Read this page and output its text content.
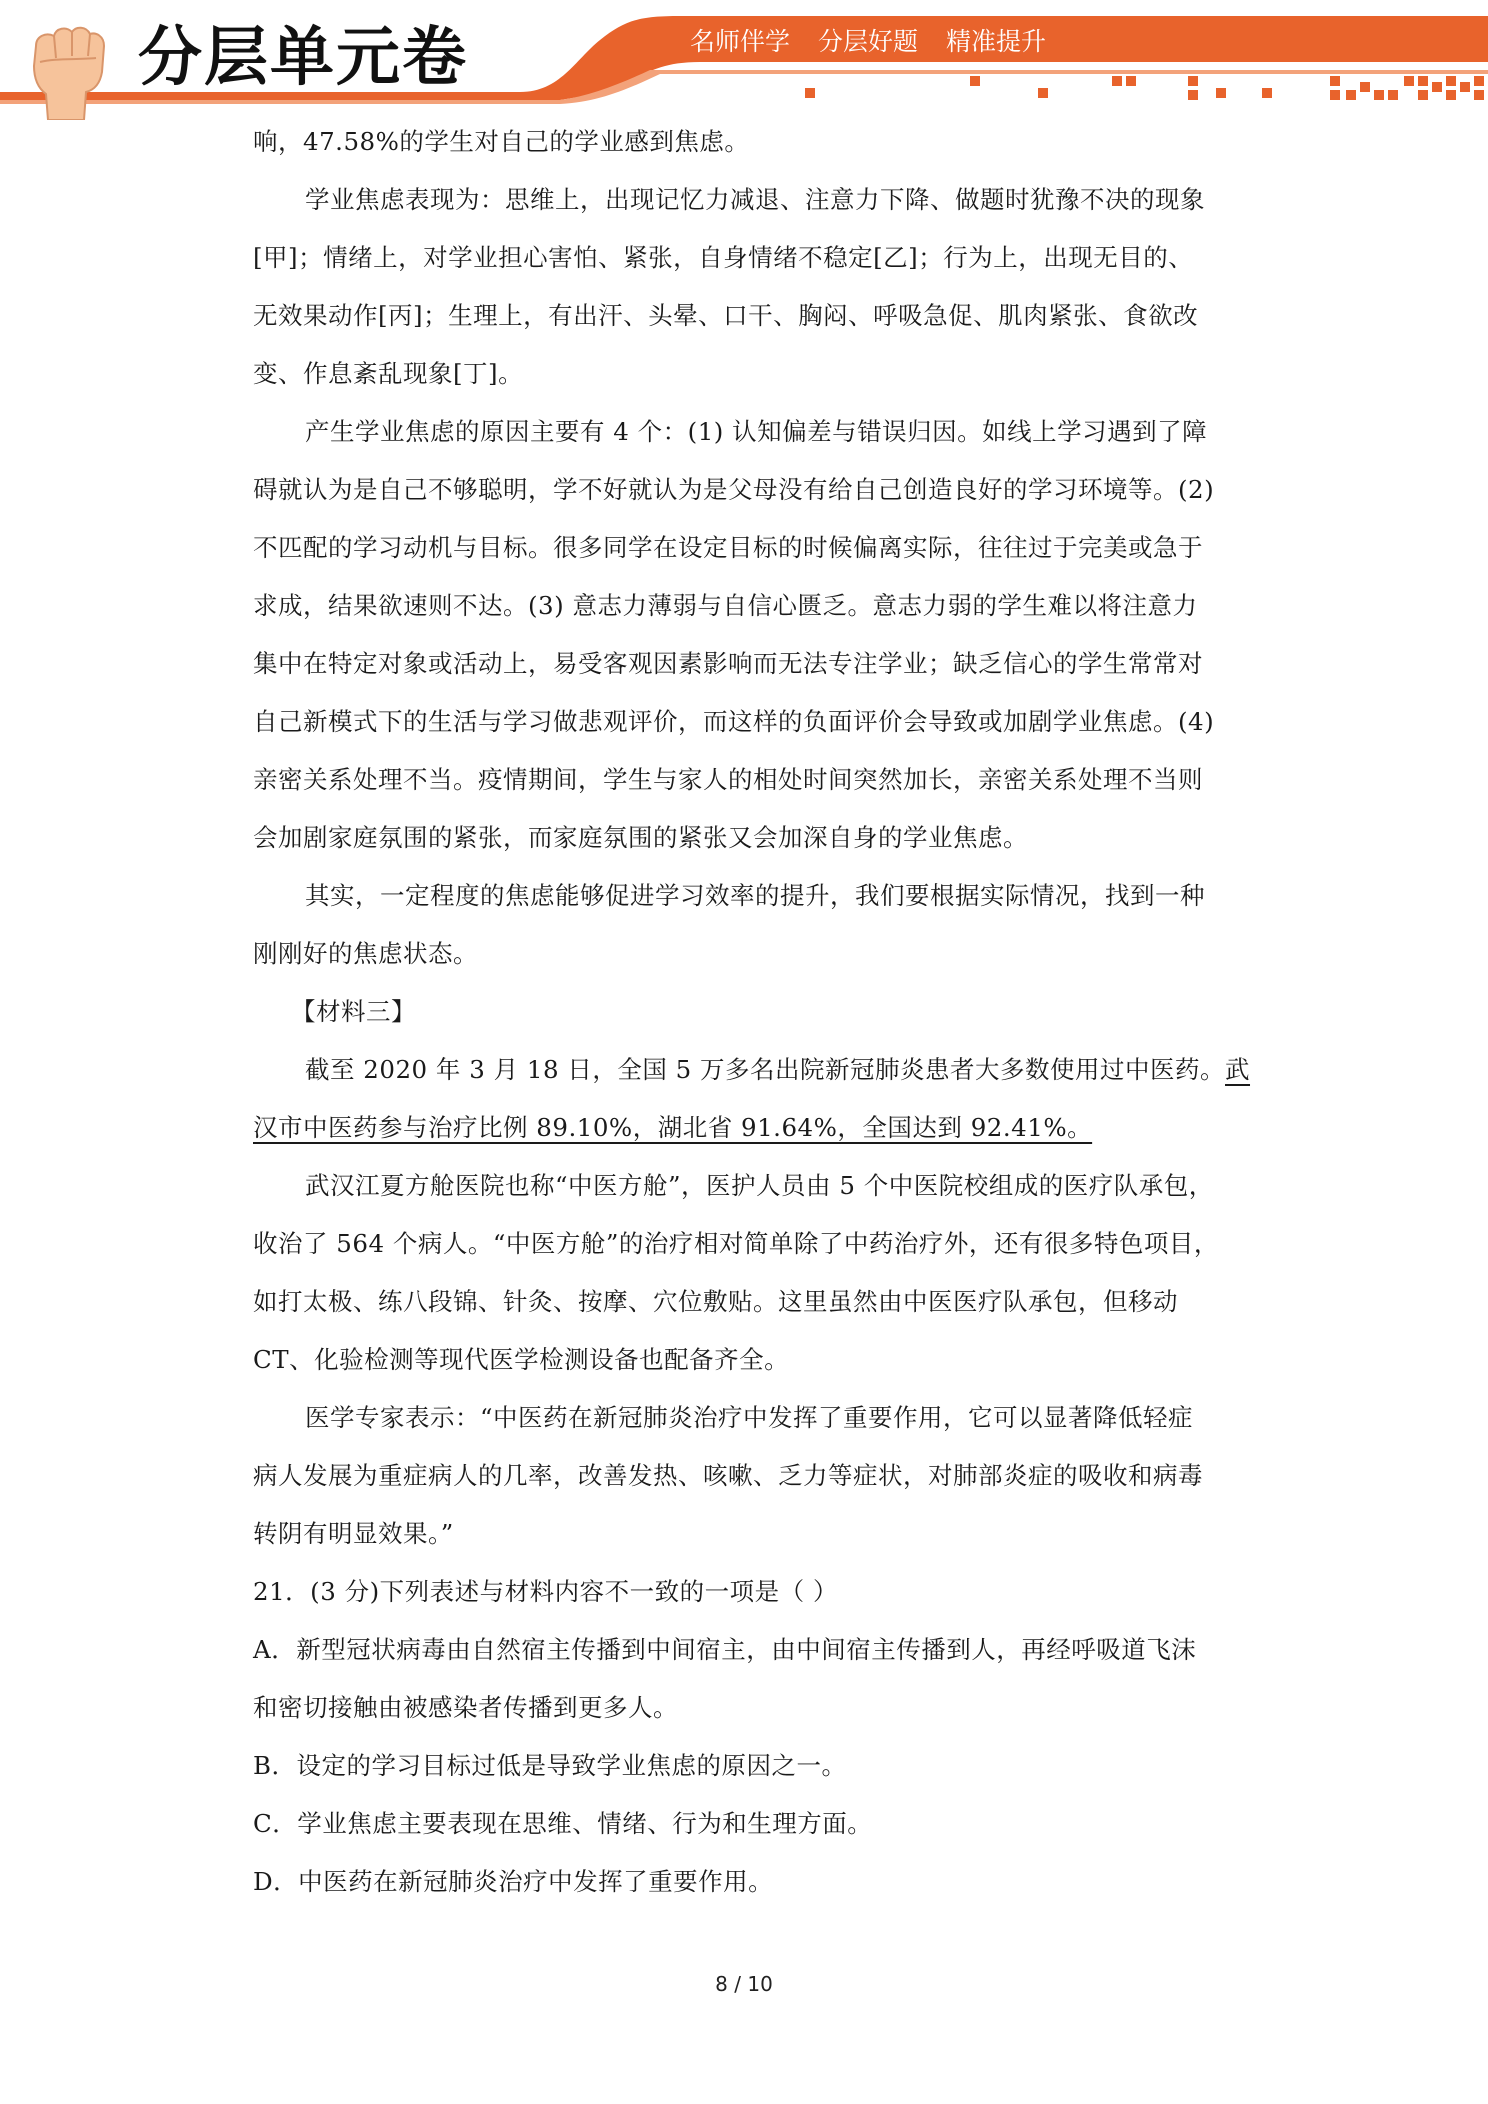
分层单元卷	名师伴学 分层好题 精准提升
响，47.58%的学生对自己的学业感到焦虑。
学业焦虑表现为：思维上，出现记忆力减退、注意力下降、做题时犹豫不决的现象
[甲]；情绪上，对学业担心害怕、紧张，自身情绪不稳定[乙]；行为上，出现无目的、
无效果动作[丙]；生理上，有出汗、头晕、口干、胸闷、呼吸急促、肌肉紧张、食欲改
变、作息紊乱现象[丁]。
产生学业焦虑的原因主要有 4 个：(1) 认知偏差与错误归因。如线上学习遇到了障
碍就认为是自己不够聪明，学不好就认为是父母没有给自己创造良好的学习环境等。(2)
不匹配的学习动机与目标。很多同学在设定目标的时候偏离实际，往往过于完美或急于
求成，结果欲速则不达。(3) 意志力薄弱与自信心匮乏。意志力弱的学生难以将注意力
集中在特定对象或活动上，易受客观因素影响而无法专注学业；缺乏信心的学生常常对
自己新模式下的生活与学习做悲观评价，而这样的负面评价会导致或加剧学业焦虑。(4)
亲密关系处理不当。疫情期间，学生与家人的相处时间突然加长，亲密关系处理不当则
会加剧家庭氛围的紧张，而家庭氛围的紧张又会加深自身的学业焦虑。
其实，一定程度的焦虑能够促进学习效率的提升，我们要根据实际情况，找到一种
刚刚好的焦虑状态。
【材料三】
截至 2020 年 3 月 18 日，全国 5 万多名出院新冠肺炎患者大多数使用过中医药。武
汉市中医药参与治疗比例 89.10%，湖北省 91.64%，全国达到 92.41%。
武汉江夏方舱医院也称“中医方舱”，医护人员由 5 个中医院校组成的医疗队承包，
收治了 564 个病人。“中医方舱”的治疗相对简单除了中药治疗外，还有很多特色项目，
如打太极、练八段锦、针灸、按摩、穴位敷贴。这里虽然由中医医疗队承包，但移动
CT、化验检测等现代医学检测设备也配备齐全。
医学专家表示：“中医药在新冠肺炎治疗中发挥了重要作用，它可以显著降低轻症
病人发展为重症病人的几率，改善发热、咳嗽、乏力等症状，对肺部炎症的吸收和病毒
转阴有明显效果。”
21．(3 分)下列表述与材料内容不一致的一项是（ ）
A．新型冠状病毒由自然宿主传播到中间宿主，由中间宿主传播到人，再经呼吸道飞沫
和密切接触由被感染者传播到更多人。
B．设定的学习目标过低是导致学业焦虑的原因之一。
C．学业焦虑主要表现在思维、情绪、行为和生理方面。
D．中医药在新冠肺炎治疗中发挥了重要作用。
8 / 10
